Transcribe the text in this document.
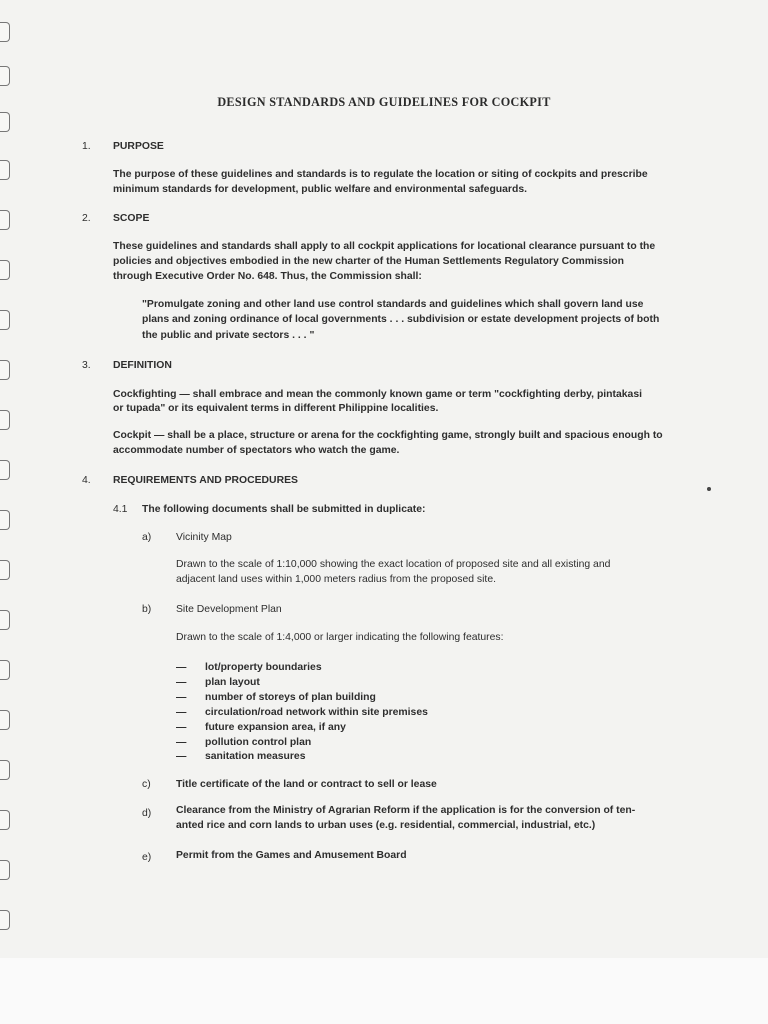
DESIGN STANDARDS AND GUIDELINES FOR COCKPIT
1. PURPOSE
The purpose of these guidelines and standards is to regulate the location or siting of cockpits and prescribe
minimum standards for development, public welfare and environmental safeguards.
2. SCOPE
These guidelines and standards shall apply to all cockpit applications for locational clearance pursuant to the
policies and objectives embodied in the new charter of the Human Settlements Regulatory Commission
through Executive Order No. 648. Thus, the Commission shall:
"Promulgate zoning and other land use control standards and guidelines which shall govern land use
plans and zoning ordinance of local governments . . . subdivision or estate development projects of both
the public and private sectors . . . "
3. DEFINITION
Cockfighting — shall embrace and mean the commonly known game or term "cockfighting derby, pintakasi
or tupada" or its equivalent terms in different Philippine localities.
Cockpit — shall be a place, structure or arena for the cockfighting game, strongly built and spacious enough to
accommodate number of spectators who watch the game.
4. REQUIREMENTS AND PROCEDURES
4.1 The following documents shall be submitted in duplicate:
a) Vicinity Map
Drawn to the scale of 1:10,000 showing the exact location of proposed site and all existing and
adjacent land uses within 1,000 meters radius from the proposed site.
b) Site Development Plan
Drawn to the scale of 1:4,000 or larger indicating the following features:
— lot/property boundaries
— plan layout
— number of storeys of plan building
— circulation/road network within site premises
— future expansion area, if any
— pollution control plan
— sanitation measures
c) Title certificate of the land or contract to sell or lease
d) Clearance from the Ministry of Agrarian Reform if the application is for the conversion of ten-
anted rice and corn lands to urban uses (e.g. residential, commercial, industrial, etc.)
e) Permit from the Games and Amusement Board
